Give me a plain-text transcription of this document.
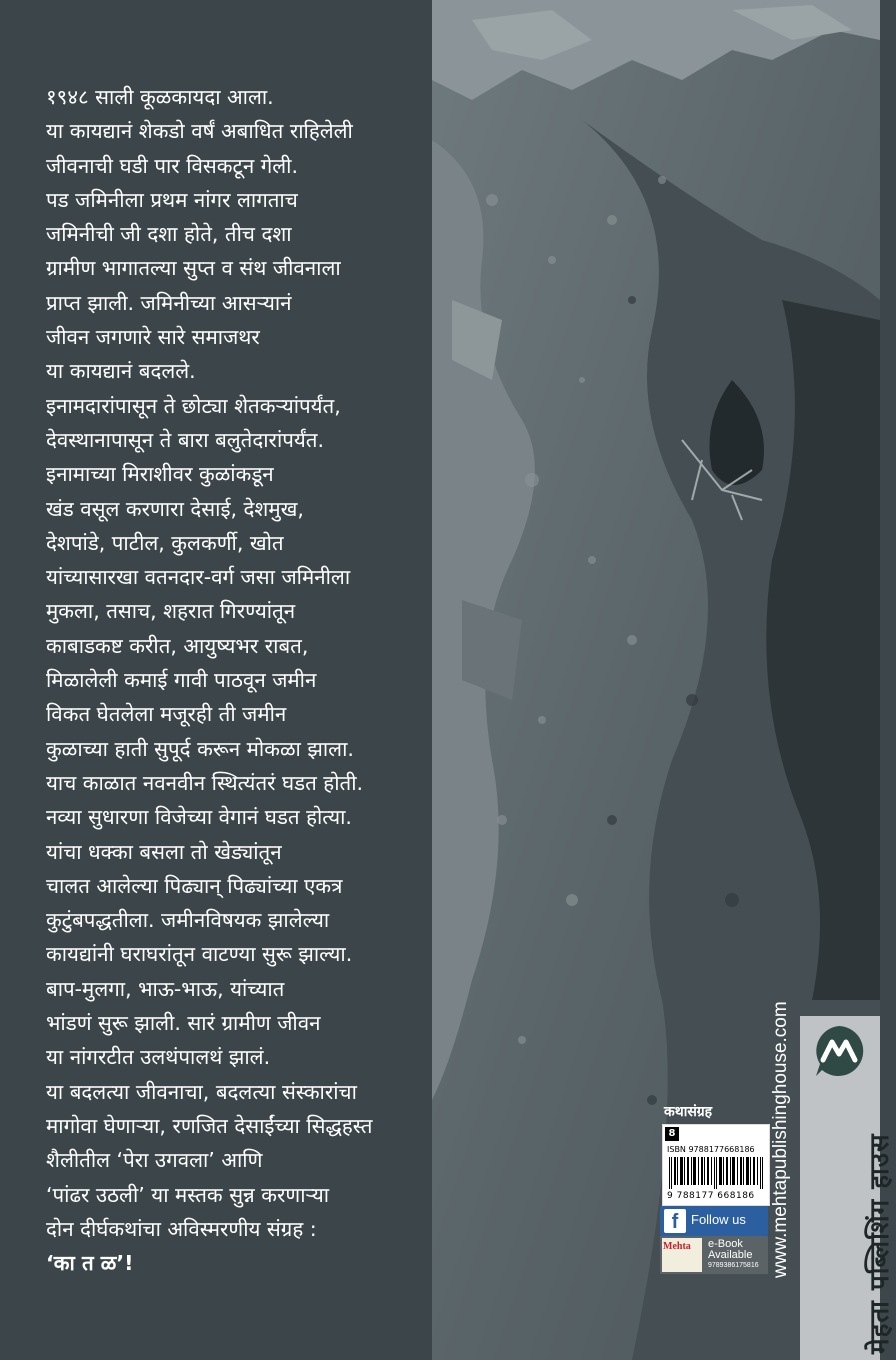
१९४८ साली कूळकायदा आला.
या कायद्यानं शेकडो वर्षं अबाधित राहिलेली
जीवनाची घडी पार विसकटून गेली.
पड जमिनीला प्रथम नांगर लागताच
जमिनीची जी दशा होते, तीच दशा
ग्रामीण भागातल्या सुप्त व संथ जीवनाला
प्राप्त झाली. जमिनीच्या आसऱ्यानं
जीवन जगणारे सारे समाजथर
या कायद्यानं बदलले.
इनामदारांपासून ते छोट्या शेतकऱ्यांपर्यंत,
देवस्थानापासून ते बारा बलुतेदारांपर्यंत.
इनामाच्या मिराशीवर कुळांकडून
खंड वसूल करणारा देसाई, देशमुख,
देशपांडे, पाटील, कुलकर्णी, खोत
यांच्यासारखा वतनदार-वर्ग जसा जमिनीला
मुकला, तसाच, शहरात गिरण्यांतून
काबाडकष्ट करीत, आयुष्यभर राबत,
मिळालेली कमाई गावी पाठवून जमीन
विकत घेतलेला मजूरही ती जमीन
कुळाच्या हाती सुपूर्द करून मोकळा झाला.
याच काळात नवनवीन स्थित्यंतरं घडत होती.
नव्या सुधारणा विजेच्या वेगानं घडत होत्या.
यांचा धक्का बसला तो खेड्यांतून
चालत आलेल्या पिढ्यान् पिढ्यांच्या एकत्र
कुटुंबपद्धतीला. जमीनविषयक झालेल्या
कायद्यांनी घराघरांतून वाटण्या सुरू झाल्या.
बाप-मुलगा, भाऊ-भाऊ, यांच्यात
भांडणं सुरू झाली. सारं ग्रामीण जीवन
या नांगरटीत उलथंपालथं झालं.
या बदलत्या जीवनाचा, बदलत्या संस्कारांचा
मागोवा घेणाऱ्या, रणजित देसाईंच्या सिद्धहस्त
शैलीतील ‘पेरा उगवला’ आणि
‘पांढर उठली’ या मस्तक सुन्न करणाऱ्या
दोन दीर्घकथांचा अविस्मरणीय संग्रह :
‘का त ळ’!
कथासंग्रह
8
ISBN 9788177668186
9 788177 668186
f Follow us
Mehta e-Book
Available
9789386175816 www.mehtapublishinghouse.com	मेहता पब्लिशिंग हाउस
